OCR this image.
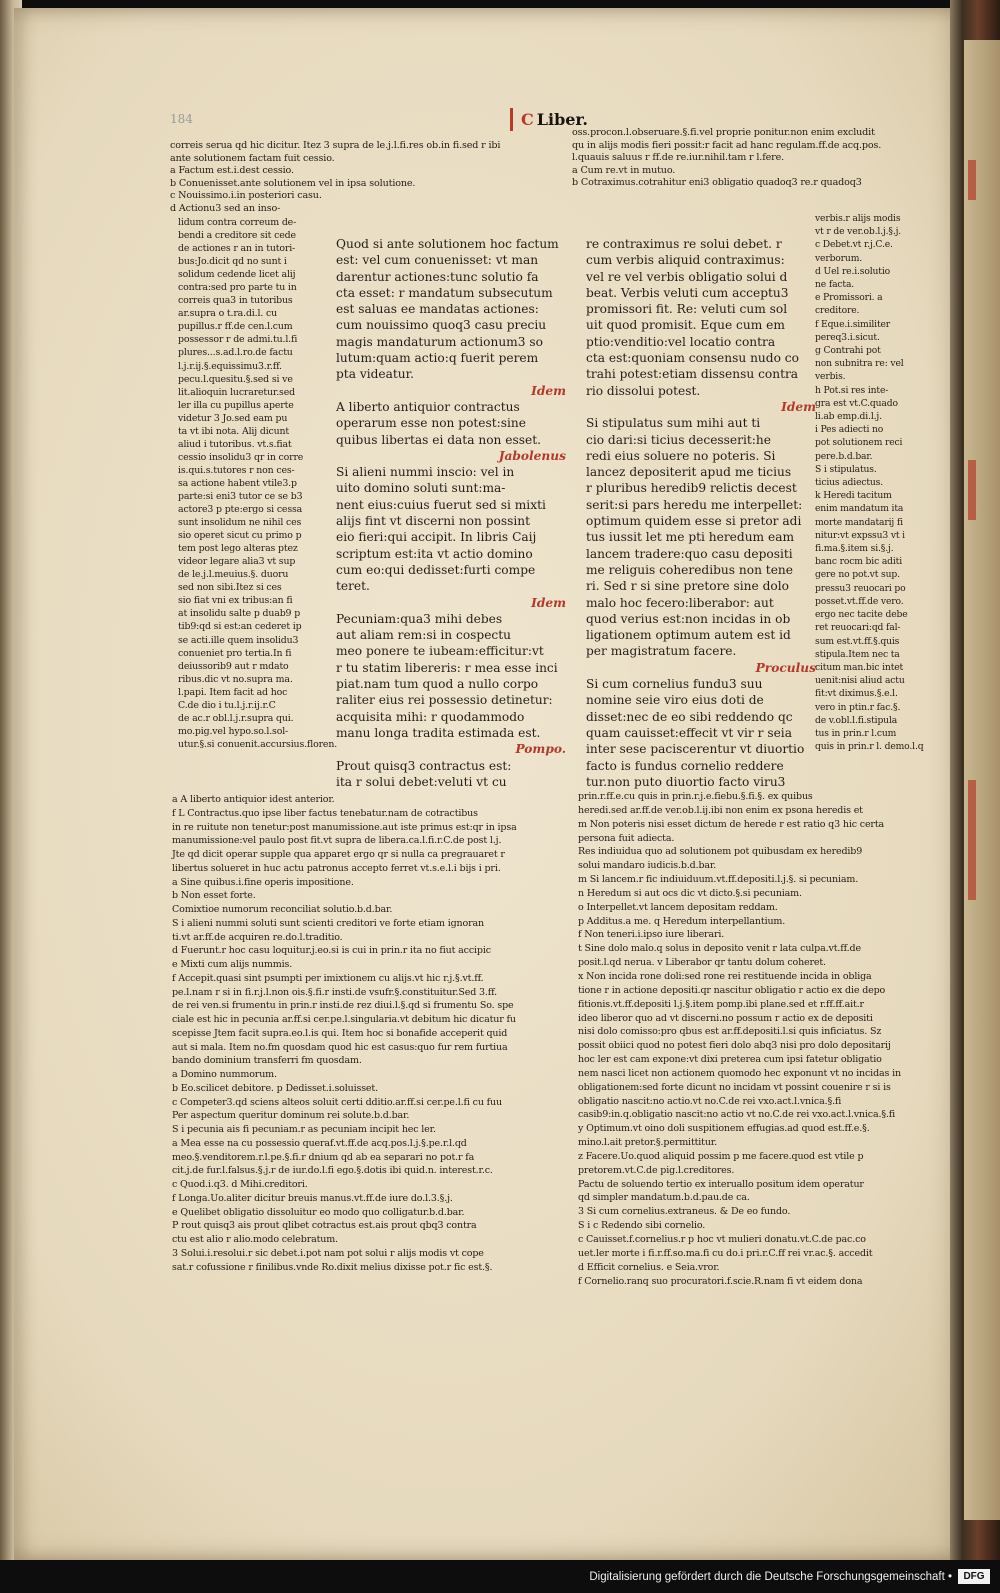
184
C	Liber.

correis serua qd hic dicitur. Itez 3 supra de le.j.l.fi.res ob.in fi.sed r ibi

ante solutionem factam fuit cessio.

a Factum est.i.dest cessio.

b Conuenisset.ante solutionem vel in ipsa solutione.

c Nouissimo.i.in posteriori casu.

d Actionu3 sed an inso-

oss.procon.l.obseruare.§.fi.vel proprie ponitur.non enim excludit

qu in alijs modis fieri possit:r facit ad hanc regulam.ff.de acq.pos.

l.quauis saluus r ff.de re.iur.nihil.tam r l.fere.

a Cum re.vt in mutuo.

b Cotraximus.cotrahitur eni3 obligatio quadoq3 re.r quadoq3

lidum contra correum de-

bendi a creditore sit cede

de actiones r an in tutori-

bus:Jo.dicit qd no sunt i

solidum cedende licet alij

contra:sed pro parte tu in

correis qua3 in tutoribus

ar.supra o t.ra.di.l. cu

pupillus.r ff.de cen.l.cum

possessor r de admi.tu.l.fi

plures...s.ad.l.ro.de factu

l.j.r.ij.§.equissimu3.r.ff.

pecu.l.quesitu.§.sed si ve

lit.alioquin lucraretur.sed

ler illa cu pupillus aperte

videtur 3 Jo.sed eam pu

ta vt ibi nota. Alij dicunt

aliud i tutoribus. vt.s.fiat

cessio insolidu3 qr in corre

is.qui.s.tutores r non ces-

sa actione habent vtile3.p

parte:si eni3 tutor ce se b3

actore3 p pte:ergo si cessa

sunt insolidum ne nihil ces

sio operet sicut cu primo p

tem post lego alteras ptez

videor legare alia3 vt sup

de le.j.l.meuius.§. duoru

sed non sibi.Itez si ces

sio fiat vni ex tribus:an fi

at insolidu salte p duab9 p

tib9:qd si est:an cederet ip

se acti.ille quem insolidu3

conueniet pro tertia.In fi

deiussorib9 aut r mdato

ribus.dic vt no.supra ma.

l.papi. Item facit ad hoc

C.de dio i tu.l.j.r.ij.r.C

de ac.r obl.l.j.r.supra qui.

mo.pig.vel hypo.so.l.sol-

utur.§.si conuenit.accursius.floren.

Quod si ante solutionem hoc factum

est: vel cum conuenisset: vt man

darentur actiones:tunc solutio fa

cta esset: r mandatum subsecutum

est saluas ee mandatas actiones:

cum nouissimo quoq3 casu preciu

magis mandaturum actionum3 so

lutum:quam actio:q fuerit perem

pta videatur.

Idem

A liberto antiquior contractus

operarum esse non potest:sine

quibus libertas ei data non esset.

Jabolenus

Si alieni nummi inscio: vel in

uito domino soluti sunt:ma-

nent eius:cuius fuerut sed si mixti

alijs fint vt discerni non possint

eio fieri:qui accipit. In libris Caij

scriptum est:ita vt actio domino

cum eo:qui dedisset:furti compe

teret.

Idem

Pecuniam:qua3 mihi debes

aut aliam rem:si in cospectu

meo ponere te iubeam:efficitur:vt

r tu statim libereris: r mea esse inci

piat.nam tum quod a nullo corpo

raliter eius rei possessio detinetur:

acquisita mihi: r quodammodo

manu longa tradita estimada est.

Pompo.

Prout quisq3 contractus est:

ita r solui debet:veluti vt cu

re contraximus re solui debet. r

cum verbis aliquid contraximus:

vel re vel verbis obligatio solui d

beat. Verbis veluti cum acceptu3

promissori fit. Re: veluti cum sol

uit quod promisit. Eque cum em

ptio:venditio:vel locatio contra

cta est:quoniam consensu nudo co

trahi potest:etiam dissensu contra

rio dissolui potest.

Idem

Si stipulatus sum mihi aut ti

cio dari:si ticius decesserit:he

redi eius soluere no poteris. Si

lancez depositerit apud me ticius

r pluribus heredib9 relictis decest

serit:si pars heredu me interpellet:

optimum quidem esse si pretor adi

tus iussit let me pti heredum eam

lancem tradere:quo casu depositi

me religuis coheredibus non tene

ri. Sed r si sine pretore sine dolo

malo hoc fecero:liberabor: aut

quod verius est:non incidas in ob

ligationem optimum autem est id

per magistratum facere.

Proculus

Si cum cornelius fundu3 suu

nomine seie viro eius doti de

disset:nec de eo sibi reddendo qc

quam cauisset:effecit vt vir r seia

inter sese paciscerentur vt diuortio

facto is fundus cornelio reddere

tur.non puto diuortio facto viru3

verbis.r alijs modis

vt r de ver.ob.l.j.§.j.

c Debet.vt r.j.C.e.

verborum.

d Uel re.i.solutio

ne facta.

e Promissori. a

creditore.

f Eque.i.similiter

pereq3.i.sicut.

g Contrahi pot

non subnitra re: vel

verbis.

h Pot.si res inte-

gra est vt.C.quado

li.ab emp.di.l.j.

i Pes adiecti no

pot solutionem reci

pere.b.d.bar.

S i stipulatus.

ticius adiectus.

k Heredi tacitum

enim mandatum ita

morte mandatarij fi

nitur:vt expssu3 vt i

fi.ma.§.item si.§.j.

banc rocm bic aditi

gere no pot.vt sup.

pressu3 reuocari po

posset.vt.ff.de vero.

ergo nec tacite debe

ret reuocari:qd fal-

sum est.vt.ff.§.quis

stipula.Item nec ta

citum man.bic intet

uenit:nisi aliud actu

fit:vt diximus.§.e.l.

vero in ptin.r fac.§.

de v.obl.l.fi.stipula

tus in prin.r l.cum

quis in prin.r l. demo.l.q

a A liberto antiquior idest anterior.

f L Contractus.quo ipse liber factus tenebatur.nam de cotractibus

in re ruitute non tenetur:post manumissione.aut iste primus est:qr in ipsa

manumissione:vel paulo post fit.vt supra de libera.ca.l.fi.r.C.de post l.j.

Jte qd dicit operar supple qua apparet ergo qr si nulla ca pregrauaret r

libertus solueret in huc actu patronus accepto ferret vt.s.e.l.i bijs i pri.

a Sine quibus.i.fine operis impositione.

b Non esset forte.

Comixtioe numorum reconciliat solutio.b.d.bar.

S i alieni nummi soluti sunt scienti creditori ve forte etiam ignoran

ti.vt ar.ff.de acquiren re.do.l.traditio.

d Fuerunt.r hoc casu loquitur.j.eo.si is cui in prin.r ita no fiut accipic

e Mixti cum alijs nummis.

f Accepit.quasi sint psumpti per imixtionem cu alijs.vt hic r.j.§.vt.ff.

pe.l.nam r si in fi.r.j.l.non ois.§.fi.r insti.de vsufr.§.constituitur.Sed 3.ff.

de rei ven.si frumentu in prin.r insti.de rez diui.l.§.qd si frumentu So. spe

ciale est hic in pecunia ar.ff.si cer.pe.l.singularia.vt debitum hic dicatur fu

scepisse Jtem facit supra.eo.l.is qui. Item hoc si bonafide acceperit quid

aut si mala. Item no.fm quosdam quod hic est casus:quo fur rem furtiua

bando dominium transferri fm quosdam.

a Domino nummorum.

b Eo.scilicet debitore. p Dedisset.i.soluisset.

c Competer3.qd sciens alteos soluit certi dditio.ar.ff.si cer.pe.l.fi cu fuu

Per aspectum queritur dominum rei solute.b.d.bar.

S i pecunia ais fi pecuniam.r as pecuniam incipit hec ler.

a Mea esse na cu possessio queraf.vt.ff.de acq.pos.l.j.§.pe.r.l.qd

meo.§.venditorem.r.l.pe.§.fi.r dnium qd ab ea separari no pot.r fa

cit.j.de fur.l.falsus.§.j.r de iur.do.l.fi ego.§.dotis ibi quid.n. interest.r.c.

c Quod.i.q3. d Mihi.creditori.

f Longa.Uo.aliter dicitur breuis manus.vt.ff.de iure do.l.3.§.j.

e Quelibet obligatio dissoluitur eo modo quo colligatur.b.d.bar.

P rout quisq3 ais prout qlibet cotractus est.ais prout qbq3 contra

ctu est alio r alio.modo celebratum.

3 Solui.i.resolui.r sic debet.i.pot nam pot solui r alijs modis vt cope

sat.r cofussione r finilibus.vnde Ro.dixit melius dixisse pot.r fic est.§.

prin.r.ff.e.cu quis in prin.r.j.e.fiebu.§.fi.§. ex quibus

heredi.sed ar.ff.de ver.ob.l.ij.ibi non enim ex psona heredis et

m Non poteris nisi esset dictum de herede r est ratio q3 hic certa

persona fuit adiecta.

Res indiuidua quo ad solutionem pot quibusdam ex heredib9

solui mandaro iudicis.b.d.bar.

m Si lancem.r fic indiuiduum.vt.ff.depositi.l.j.§. si pecuniam.

n Heredum si aut ocs dic vt dicto.§.si pecuniam.

o Interpellet.vt lancem depositam reddam.

p Additus.a me. q Heredum interpellantium.

f Non teneri.i.ipso iure liberari.

t Sine dolo malo.q solus in deposito venit r lata culpa.vt.ff.de

posit.l.qd nerua. v Liberabor qr tantu dolum coheret.

x Non incida rone doli:sed rone rei restituende incida in obliga

tione r in actione depositi.qr nascitur obligatio r actio ex die depo

fitionis.vt.ff.depositi l.j.§.item pomp.ibi plane.sed et r.ff.ff.ait.r

ideo liberor quo ad vt discerni.no possum r actio ex de depositi

nisi dolo comisso:pro qbus est ar.ff.depositi.l.si quis inficiatus. Sz

possit obiici quod no potest fieri dolo abq3 nisi pro dolo depositarij

hoc ler est cam expone:vt dixi preterea cum ipsi fatetur obligatio

nem nasci licet non actionem quomodo hec exponunt vt no incidas in

obligationem:sed forte dicunt no incidam vt possint couenire r si is

obligatio nascit:no actio.vt no.C.de rei vxo.act.l.vnica.§.fi

casib9:in.q.obligatio nascit:no actio vt no.C.de rei vxo.act.l.vnica.§.fi

y Optimum.vt oino doli suspitionem effugias.ad quod est.ff.e.§.

mino.l.ait pretor.§.permittitur.

z Facere.Uo.quod aliquid possim p me facere.quod est vtile p

pretorem.vt.C.de pig.l.creditores.

Pactu de soluendo tertio ex interuallo positum idem operatur

qd simpler mandatum.b.d.pau.de ca.

3 Si cum cornelius.extraneus. & De eo fundo.

S i c Redendo sibi cornelio.

c Cauisset.f.cornelius.r p hoc vt mulieri donatu.vt.C.de pac.co

uet.ler morte i fi.r.ff.so.ma.fi cu do.i pri.r.C.ff rei vr.ac.§. accedit

d Efficit cornelius. e Seia.vror.

f Cornelio.ranq suo procuratori.f.scie.R.nam fi vt eidem dona

Digitalisierung gefördert durch die Deutsche Forschungsgemeinschaft •	DFG
